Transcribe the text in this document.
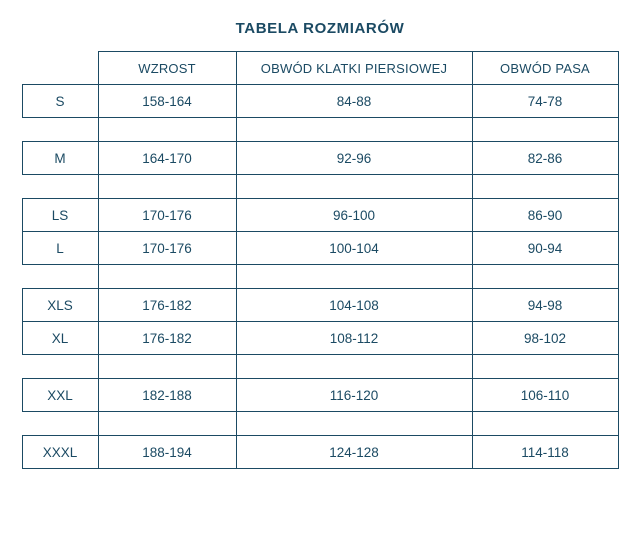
TABELA ROZMIARÓW
	WZROST	OBWÓD KLATKI PIERSIOWEJ	OBWÓD PASA
S	158-164	84-88	74-78

M	164-170	92-96	82-86

LS	170-176	96-100	86-90
L	170-176	100-104	90-94

XLS	176-182	104-108	94-98
XL	176-182	108-112	98-102

XXL	182-188	116-120	106-110

XXXL	188-194	124-128	114-118
